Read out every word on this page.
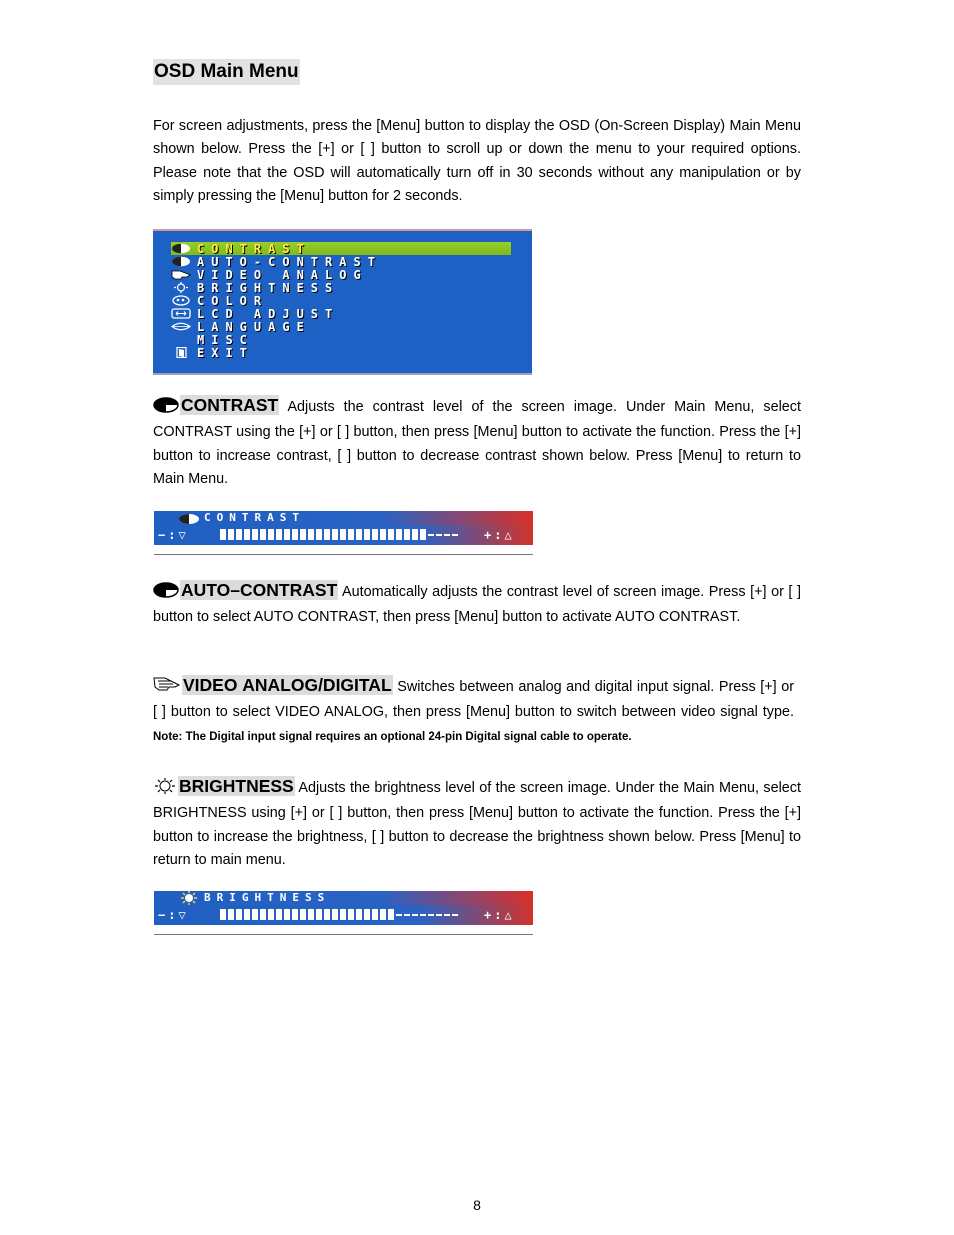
OSD Main Menu

For screen adjustments, press the [Menu] button to display the OSD (On-Screen Display) Main Menu shown below. Press the [+] or [ ] button to scroll up or down the menu to your required options. Please note that the OSD will automatically turn off in 30 seconds without any manipulation or by simply pressing the [Menu] button for 2 seconds.

CONTRAST
AUTO-CONTRAST
VIDEO ANALOG
BRIGHTNESS
COLOR
LCD ADJUST
LANGUAGE
MISC
EXIT

CONTRAST Adjusts the contrast level of the screen image. Under Main Menu, select CONTRAST using the [+] or [ ] button, then press [Menu] button to activate the function. Press the [+] button to increase contrast, [ ] button to decrease contrast shown below. Press [Menu] to return to Main Menu.

CONTRAST
−:▽	+:△

AUTO–CONTRAST Automatically adjusts the contrast level of screen image. Press [+] or [ ] button to select AUTO CONTRAST, then press [Menu] button to activate AUTO CONTRAST.

VIDEO ANALOG/DIGITAL Switches between analog and digital input signal. Press [+] or [ ] button to select VIDEO ANALOG, then press [Menu] button to switch between video signal type. Note: The Digital input signal requires an optional 24-pin Digital signal cable to operate.

BRIGHTNESS Adjusts the brightness level of the screen image. Under the Main Menu, select BRIGHTNESS using [+] or [ ] button, then press [Menu] button to activate the function. Press the [+] button to increase the brightness, [ ] button to decrease the brightness shown below. Press [Menu] to return to main menu.

BRIGHTNESS
−:▽	+:△
8
